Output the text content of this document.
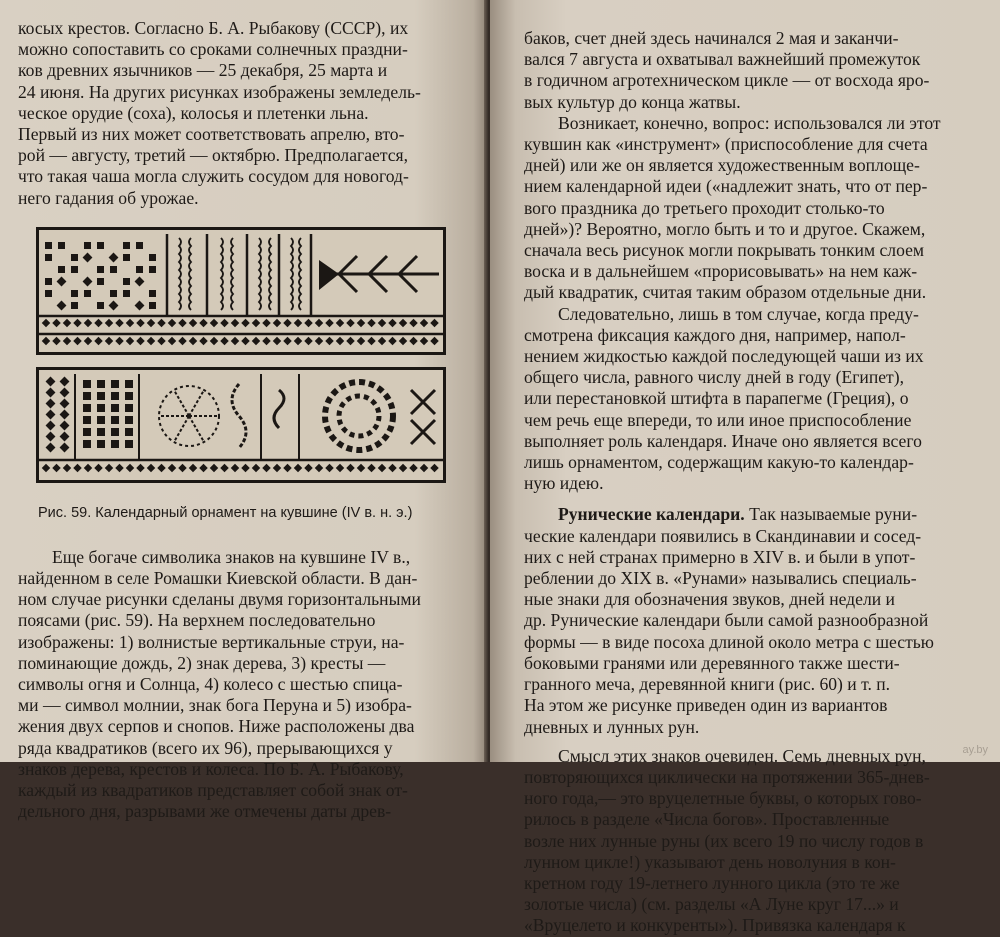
косых крестов. Согласно Б. А. Рыбакову (СССР), их
можно сопоставить со сроками солнечных праздни-
ков древних язычников — 25 декабря, 25 марта и
24 июня. На других рисунках изображены земледель-
ческое орудие (соха), колосья и плетенки льна.
Первый из них может соответствовать апрелю, вто-
рой — августу, третий — октябрю. Предполагается,
что такая чаша могла служить сосудом для новогод-
него гадания об урожае.
Рис. 59. Календарный орнамент на кувшине (IV в. н. э.)
Еще богаче символика знаков на кувшине IV в.,
найденном в селе Ромашки Киевской области. В дан-
ном случае рисунки сделаны двумя горизонтальными
поясами (рис. 59). На верхнем последовательно
изображены: 1) волнистые вертикальные струи, на-
поминающие дождь, 2) знак дерева, 3) кресты —
символы огня и Солнца, 4) колесо с шестью спица-
ми — символ молнии, знак бога Перуна и 5) изобра-
жения двух серпов и снопов. Ниже расположены два
ряда квадратиков (всего их 96), прерывающихся у
знаков дерева, крестов и колеса. По Б. А. Рыбакову,
каждый из квадратиков представляет собой знак от-
дельного дня, разрывами же отмечены даты древ-
баков, счет дней здесь начинался 2 мая и заканчи-
вался 7 августа и охватывал важнейший промежуток
в годичном агротехническом цикле — от восхода яро-
вых культур до конца жатвы.
Возникает, конечно, вопрос: использовался ли этот
кувшин как «инструмент» (приспособление для счета
дней) или же он является художественным воплоще-
нием календарной идеи («надлежит знать, что от пер-
вого праздника до третьего проходит столько-то
дней»)? Вероятно, могло быть и то и другое. Скажем,
сначала весь рисунок могли покрывать тонким слоем
воска и в дальнейшем «прорисовывать» на нем каж-
дый квадратик, считая таким образом отдельные дни.
Следовательно, лишь в том случае, когда преду-
смотрена фиксация каждого дня, например, напол-
нением жидкостью каждой последующей чаши из их
общего числа, равного числу дней в году (Египет),
или перестановкой штифта в парапегме (Греция), о
чем речь еще впереди, то или иное приспособление
выполняет роль календаря. Иначе оно является всего
лишь орнаментом, содержащим какую-то календар-
ную идею.
Рунические календари. Так называемые руни-
ческие календари появились в Скандинавии и сосед-
них с ней странах примерно в XIV в. и были в упот-
реблении до XIX в. «Рунами» назывались специаль-
ные знаки для обозначения звуков, дней недели и
др. Рунические календари были самой разнообразной
формы — в виде посоха длиной около метра с шестью
боковыми гранями или деревянного также шести-
гранного меча, деревянной книги (рис. 60) и т. п.
На этом же рисунке приведен один из вариантов
дневных и лунных рун.
Смысл этих знаков очевиден. Семь дневных рун,
повторяющихся циклически на протяжении 365-днев-
ного года,— это вруцелетные буквы, о которых гово-
рилось в разделе «Числа богов». Проставленные
возле них лунные руны (их всего 19 по числу годов в
лунном цикле!) указывают день новолуния в кон-
кретном году 19-летнего лунного цикла (это те же
золотые числа) (см. разделы «А Луне круг 17...» и
«Вруцелето и конкуренты»). Привязка календаря к
ay.by
